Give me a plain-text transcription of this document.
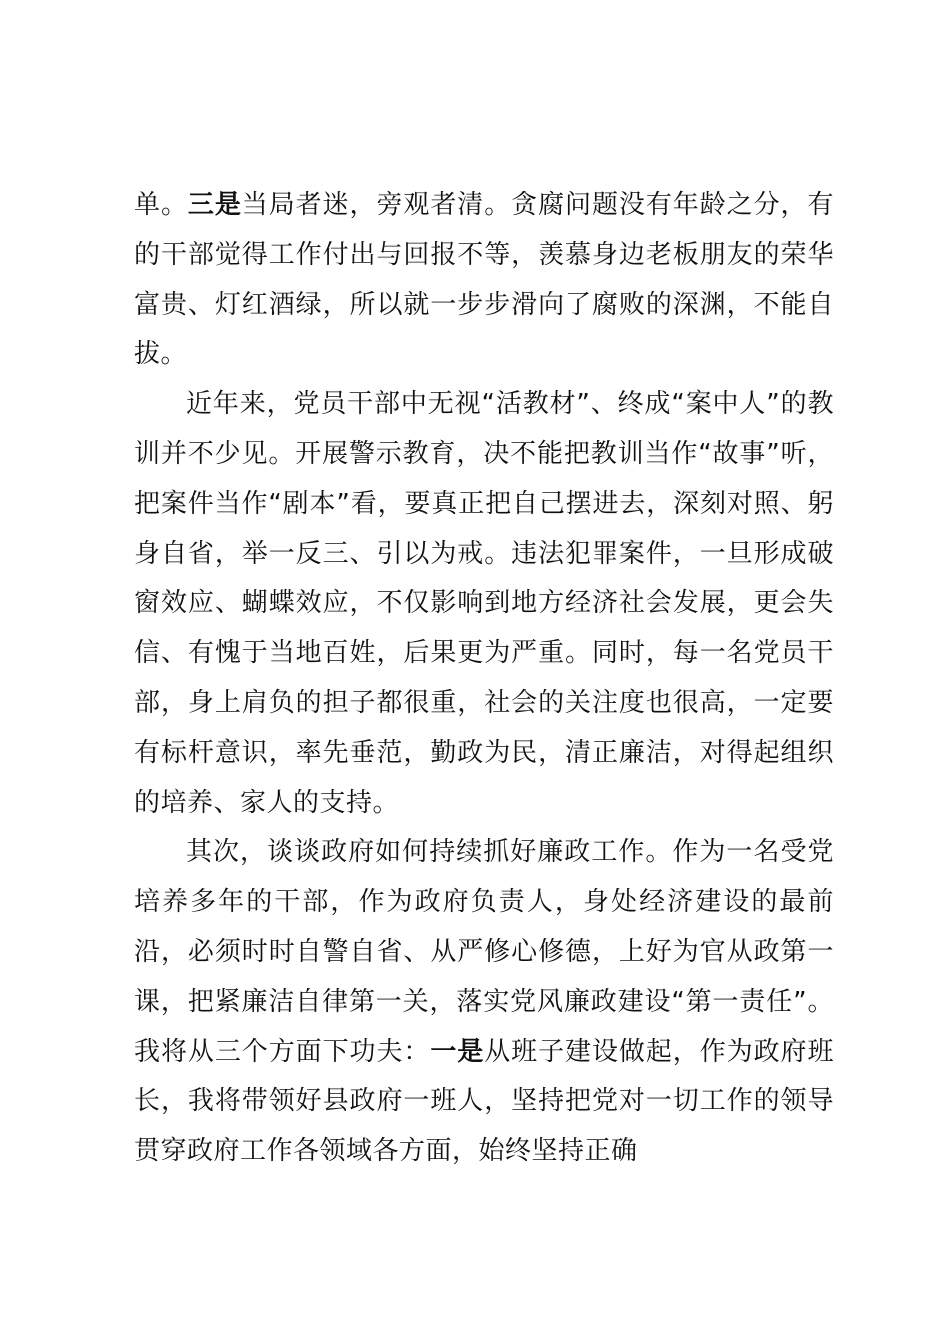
单。三是当局者迷，旁观者清。贪腐问题没有年龄之分，有的干部觉得工作付出与回报不等，羡慕身边老板朋友的荣华富贵、灯红酒绿，所以就一步步滑向了腐败的深渊，不能自拔。

近年来，党员干部中无视“活教材”、终成“案中人”的教训并不少见。开展警示教育，决不能把教训当作“故事”听，把案件当作“剧本”看，要真正把自己摆进去，深刻对照、躬身自省，举一反三、引以为戒。违法犯罪案件，一旦形成破窗效应、蝴蝶效应，不仅影响到地方经济社会发展，更会失信、有愧于当地百姓，后果更为严重。同时，每一名党员干部，身上肩负的担子都很重，社会的关注度也很高，一定要有标杆意识，率先垂范，勤政为民，清正廉洁，对得起组织的培养、家人的支持。

其次，谈谈政府如何持续抓好廉政工作。作为一名受党培养多年的干部，作为政府负责人，身处经济建设的最前沿，必须时时自警自省、从严修心修德，上好为官从政第一课，把紧廉洁自律第一关，落实党风廉政建设“第一责任”。我将从三个方面下功夫：一是从班子建设做起，作为政府班长，我将带领好县政府一班人，坚持把党对一切工作的领导贯穿政府工作各领域各方面，始终坚持正确
